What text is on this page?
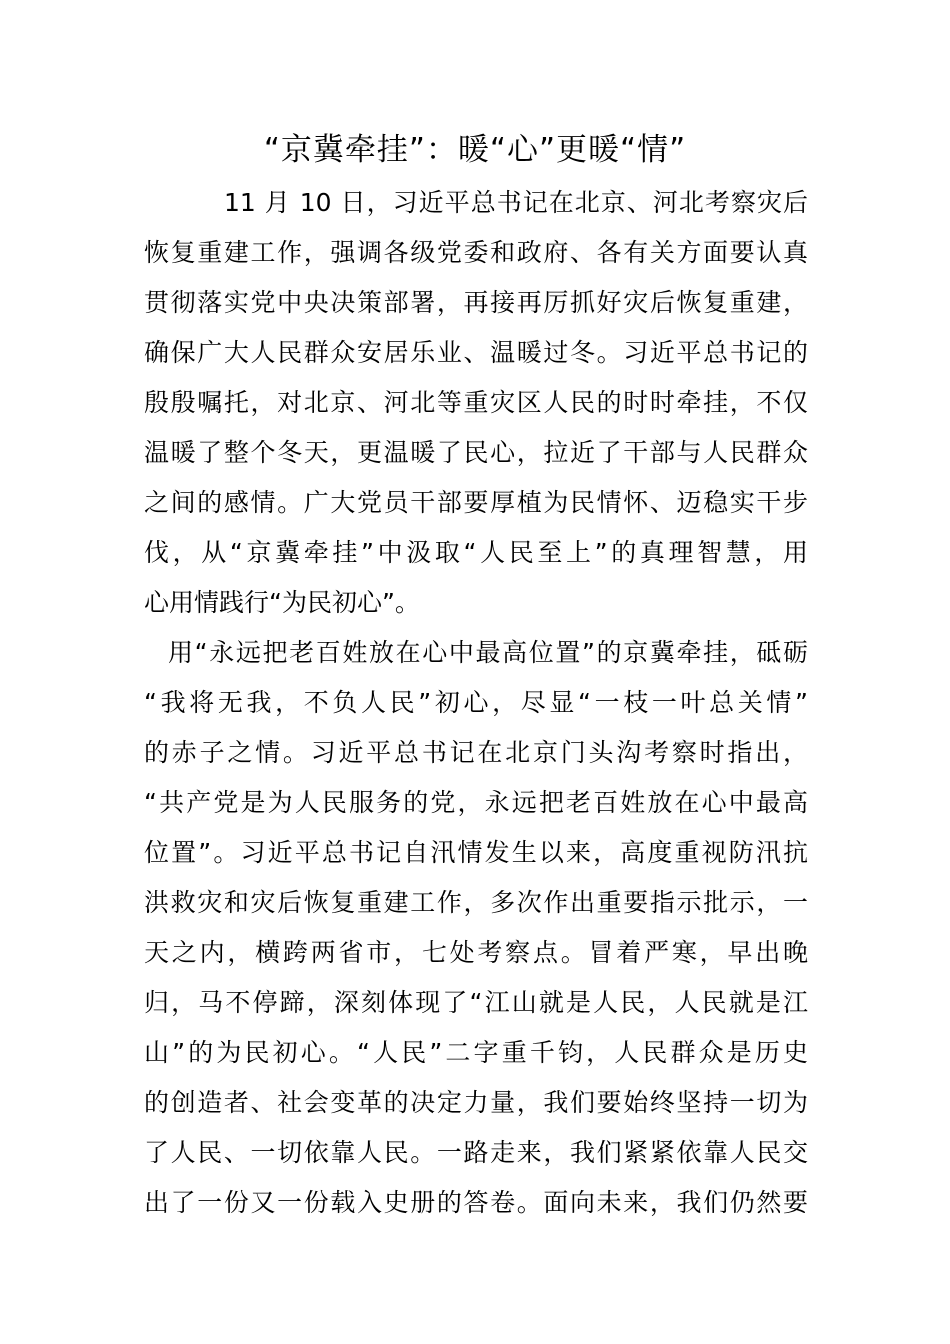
“京冀牵挂”：暖“心”更暖“情”
11 月 10 日，习近平总书记在北京、河北考察灾后
恢复重建工作，强调各级党委和政府、各有关方面要认真
贯彻落实党中央决策部署，再接再厉抓好灾后恢复重建，
确保广大人民群众安居乐业、温暖过冬。习近平总书记的
殷殷嘱托，对北京、河北等重灾区人民的时时牵挂，不仅
温暖了整个冬天，更温暖了民心，拉近了干部与人民群众
之间的感情。广大党员干部要厚植为民情怀、迈稳实干步
伐，从“京冀牵挂”中汲取“人民至上”的真理智慧，用
心用情践行“为民初心”。
用“永远把老百姓放在心中最高位置”的京冀牵挂，砥砺
“我将无我，不负人民”初心，尽显“一枝一叶总关情”
的赤子之情。习近平总书记在北京门头沟考察时指出，
“共产党是为人民服务的党，永远把老百姓放在心中最高
位置”。习近平总书记自汛情发生以来，高度重视防汛抗
洪救灾和灾后恢复重建工作，多次作出重要指示批示，一
天之内，横跨两省市，七处考察点。冒着严寒，早出晚
归，马不停蹄，深刻体现了“江山就是人民，人民就是江
山”的为民初心。“人民”二字重千钧，人民群众是历史
的创造者、社会变革的决定力量，我们要始终坚持一切为
了人民、一切依靠人民。一路走来，我们紧紧依靠人民交
出了一份又一份载入史册的答卷。面向未来，我们仍然要
